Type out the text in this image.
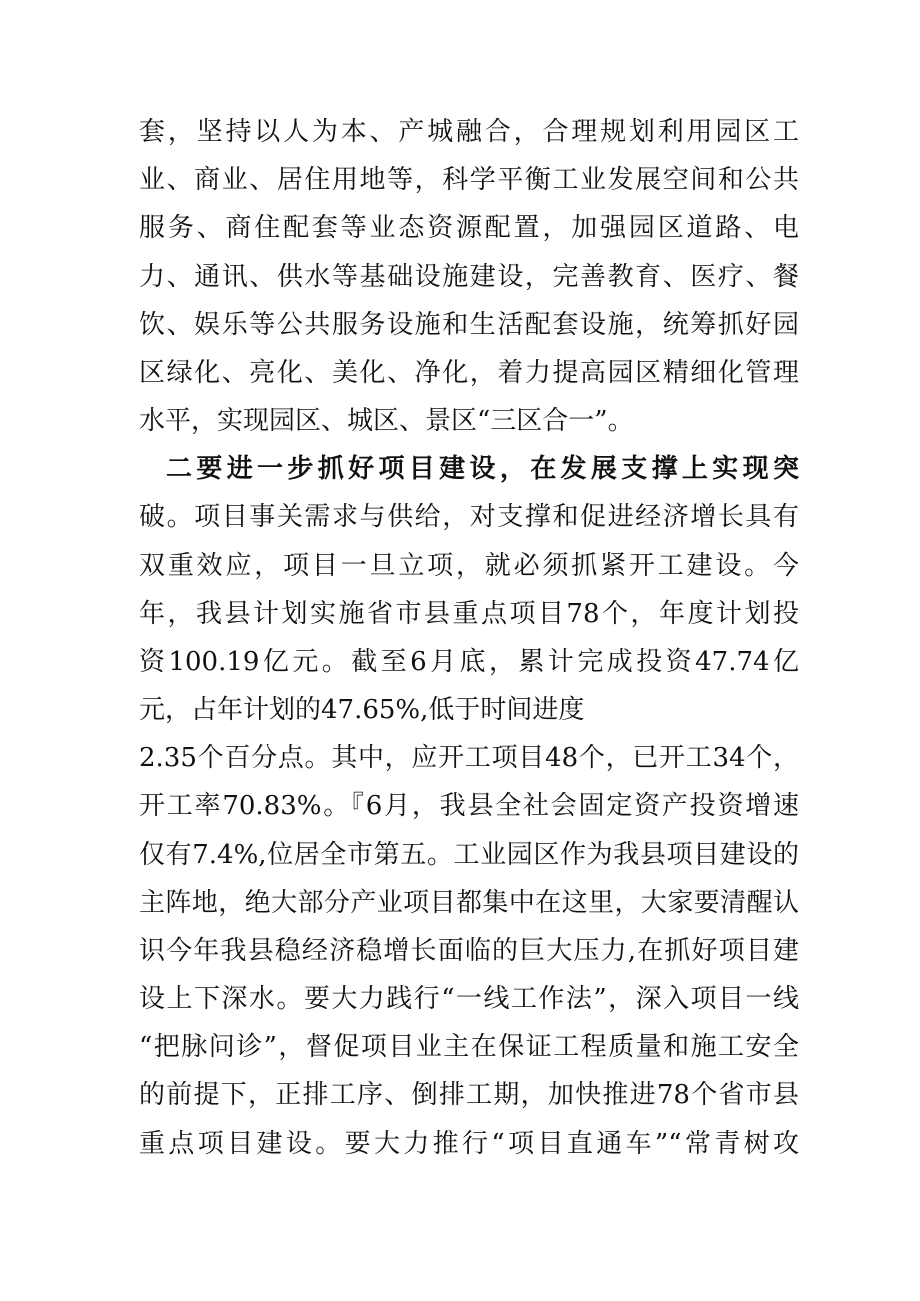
套，坚持以人为本、产城融合，合理规划利用园区工
业、商业、居住用地等，科学平衡工业发展空间和公共
服务、商住配套等业态资源配置，加强园区道路、电
力、通讯、供水等基础设施建设，完善教育、医疗、餐
饮、娱乐等公共服务设施和生活配套设施，统筹抓好园
区绿化、亮化、美化、净化，着力提高园区精细化管理
水平，实现园区、城区、景区“三区合一”。
二要进一步抓好项目建设，在发展支撑上实现突
破。项目事关需求与供给，对支撑和促进经济增长具有
双重效应，项目一旦立项，就必须抓紧开工建设。今
年，我县计划实施省市县重点项目78个，年度计划投
资100.19亿元。截至6月底，累计完成投资47.74亿
元，占年计划的47.65%,低于时间进度
2.35个百分点。其中，应开工项目48个，已开工34个，
开工率70.83%。『6月，我县全社会固定资产投资增速
仅有7.4%,位居全市第五。工业园区作为我县项目建设的
主阵地，绝大部分产业项目都集中在这里，大家要清醒认
识今年我县稳经济稳增长面临的巨大压力,在抓好项目建
设上下深水。要大力践行“一线工作法”，深入项目一线
“把脉问诊”，督促项目业主在保证工程质量和施工安全
的前提下，正排工序、倒排工期，加快推进78个省市县
重点项目建设。要大力推行“项目直通车”“常青树攻
